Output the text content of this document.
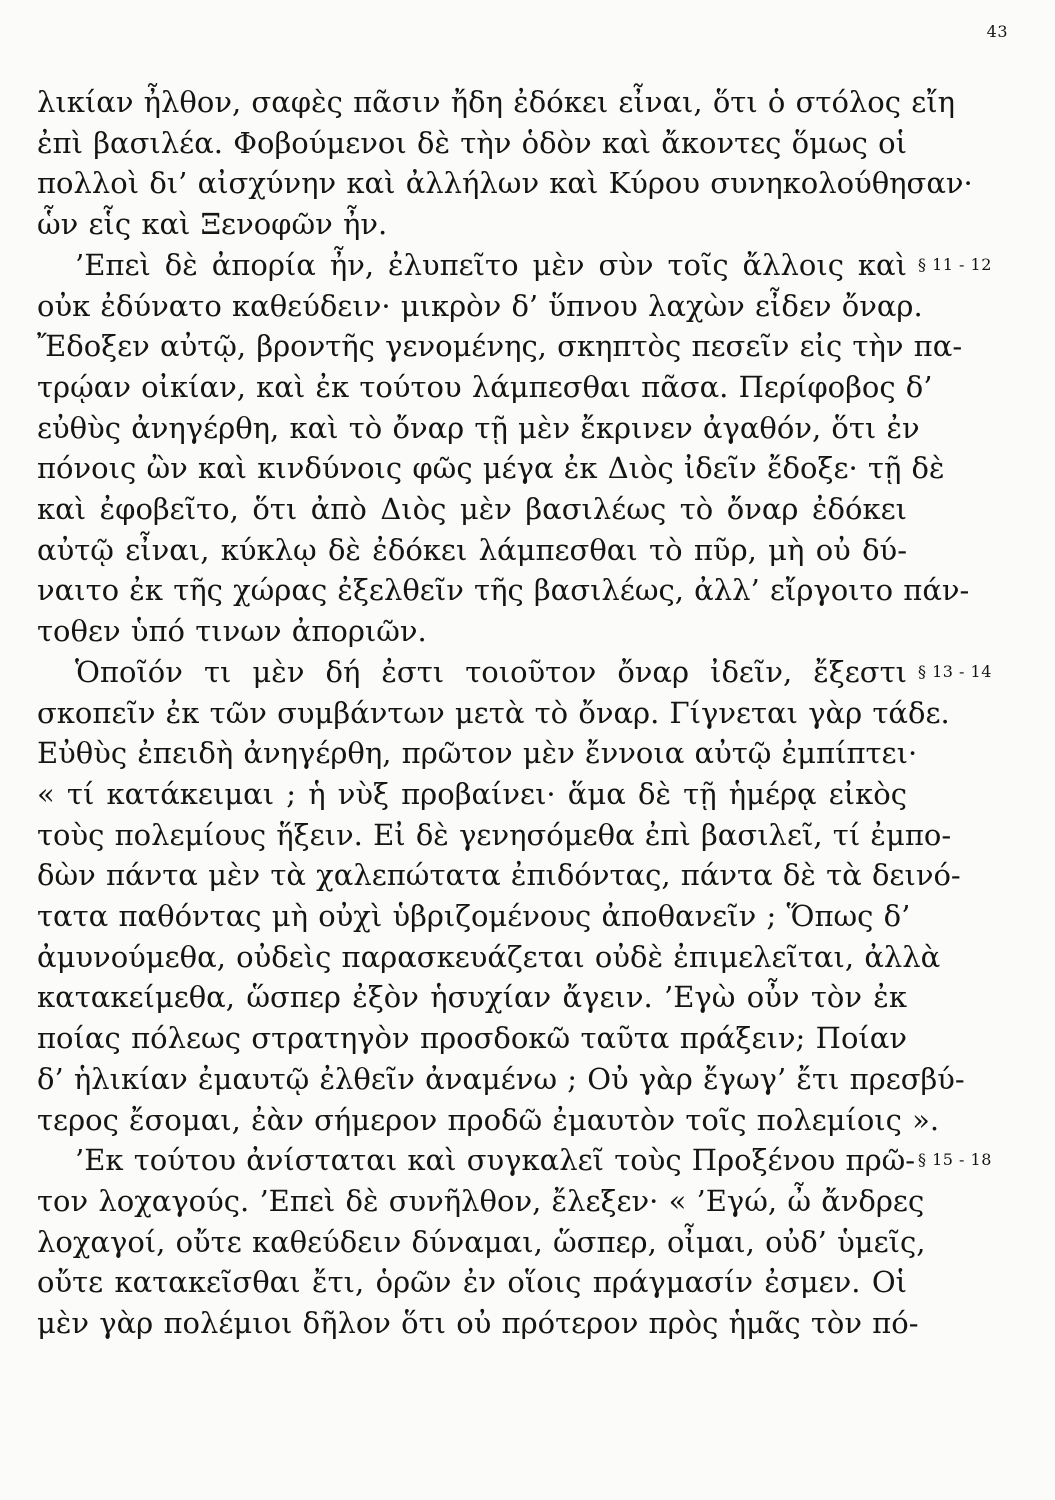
43
λικίαν ἦλθον, σαφὲς πᾶσιν ἤδη ἐδόκει εἶναι, ὅτι ὁ στόλος εἴη
ἐπὶ βασιλέα. Φοβούμενοι δὲ τὴν ὁδὸν καὶ ἄκοντες ὅμως οἱ
πολλοὶ δι’ αἰσχύνην καὶ ἀλλήλων καὶ Κύρου συνηκολούθησαν·
ὧν εἷς καὶ Ξενοφῶν ἦν.
’Επεὶ δὲ ἀπορία ἦν, ἐλυπεῖτο μὲν σὺν τοῖς ἄλλοις καὶ
οὐκ ἐδύνατο καθεύδειν· μικρὸν δ’ ὕπνου λαχὼν εἶδεν ὄναρ.
Ἔδοξεν αὐτῷ, βροντῆς γενομένης, σκηπτὸς πεσεῖν εἰς τὴν πα-
τρῴαν οἰκίαν, καὶ ἐκ τούτου λάμπεσθαι πᾶσα. Περίφοβος δ’
εὐθὺς ἀνηγέρθη, καὶ τὸ ὄναρ τῇ μὲν ἔκρινεν ἀγαθόν, ὅτι ἐν
πόνοις ὢν καὶ κινδύνοις φῶς μέγα ἐκ Διὸς ἰδεῖν ἔδοξε· τῇ δὲ
καὶ ἐφοβεῖτο, ὅτι ἀπὸ Διὸς μὲν βασιλέως τὸ ὄναρ ἐδόκει
αὐτῷ εἶναι, κύκλῳ δὲ ἐδόκει λάμπεσθαι τὸ πῦρ, μὴ οὐ δύ-
ναιτο ἐκ τῆς χώρας ἐξελθεῖν τῆς βασιλέως, ἀλλ’ εἴργοιτο πάν-
τοθεν ὑπό τινων ἀποριῶν.
Ὁποῖόν τι μὲν δή ἐστι τοιοῦτον ὄναρ ἰδεῖν, ἔξεστι
σκοπεῖν ἐκ τῶν συμβάντων μετὰ τὸ ὄναρ. Γίγνεται γὰρ τάδε.
Εὐθὺς ἐπειδὴ ἀνηγέρθη, πρῶτον μὲν ἔννοια αὐτῷ ἐμπίπτει·
« τί κατάκειμαι ; ἡ νὺξ προβαίνει· ἅμα δὲ τῇ ἡμέρᾳ εἰκὸς
τοὺς πολεμίους ἥξειν. Εἰ δὲ γενησόμεθα ἐπὶ βασιλεῖ, τί ἐμπο-
δὼν πάντα μὲν τὰ χαλεπώτατα ἐπιδόντας, πάντα δὲ τὰ δεινό-
τατα παθόντας μὴ οὐχὶ ὑβριζομένους ἀποθανεῖν ; Ὅπως δ’
ἀμυνούμεθα, οὐδεὶς παρασκευάζεται οὐδὲ ἐπιμελεῖται, ἀλλὰ
κατακείμεθα, ὥσπερ ἐξὸν ἡσυχίαν ἄγειν. ’Εγὼ οὖν τὸν ἐκ
ποίας πόλεως στρατηγὸν προσδοκῶ ταῦτα πράξειν; Ποίαν
δ’ ἡλικίαν ἐμαυτῷ ἐλθεῖν ἀναμένω ; Οὐ γὰρ ἔγωγ’ ἔτι πρεσβύ-
τερος ἔσομαι, ἐὰν σήμερον προδῶ ἐμαυτὸν τοῖς πολεμίοις ».
’Εκ τούτου ἀνίσταται καὶ συγκαλεῖ τοὺς Προξένου πρῶ-
τον λοχαγούς. ’Επεὶ δὲ συνῆλθον, ἔλεξεν· « ’Εγώ, ὦ ἄνδρες
λοχαγοί, οὔτε καθεύδειν δύναμαι, ὥσπερ, οἶμαι, οὐδ’ ὑμεῖς,
οὔτε κατακεῖσθαι ἔτι, ὁρῶν ἐν οἵοις πράγμασίν ἐσμεν. Οἱ
μὲν γὰρ πολέμιοι δῆλον ὅτι οὐ πρότερον πρὸς ἡμᾶς τὸν πό-
§ 11 - 12
§ 13 - 14
§ 15 - 18
